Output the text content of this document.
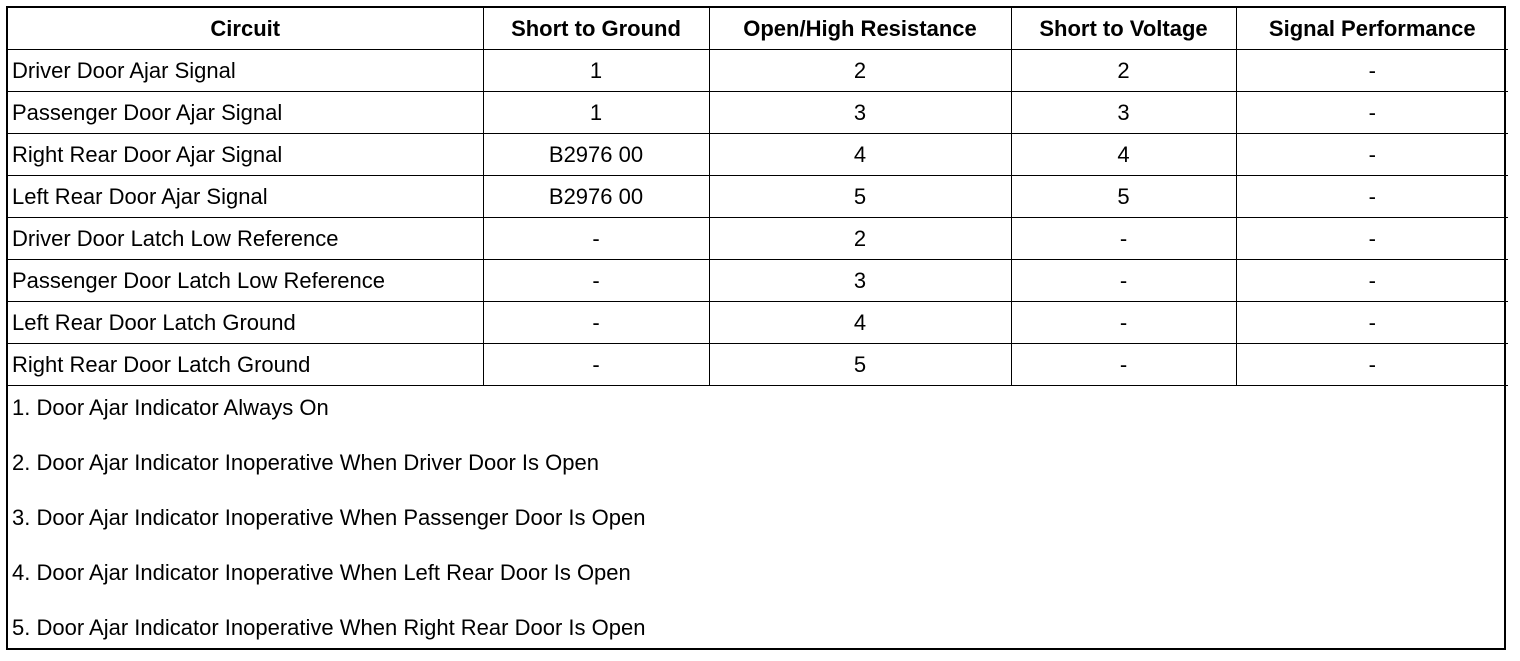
Circuit	Short to Ground	Open/High Resistance	Short to Voltage	Signal Performance
Driver Door Ajar Signal	1	2	2	-
Passenger Door Ajar Signal	1	3	3	-
Right Rear Door Ajar Signal	B2976 00	4	4	-
Left Rear Door Ajar Signal	B2976 00	5	5	-
Driver Door Latch Low Reference	-	2	-	-
Passenger Door Latch Low Reference	-	3	-	-
Left Rear Door Latch Ground	-	4	-	-
Right Rear Door Latch Ground	-	5	-	-
1. Door Ajar Indicator Always On
2. Door Ajar Indicator Inoperative When Driver Door Is Open
3. Door Ajar Indicator Inoperative When Passenger Door Is Open
4. Door Ajar Indicator Inoperative When Left Rear Door Is Open
5. Door Ajar Indicator Inoperative When Right Rear Door Is Open
